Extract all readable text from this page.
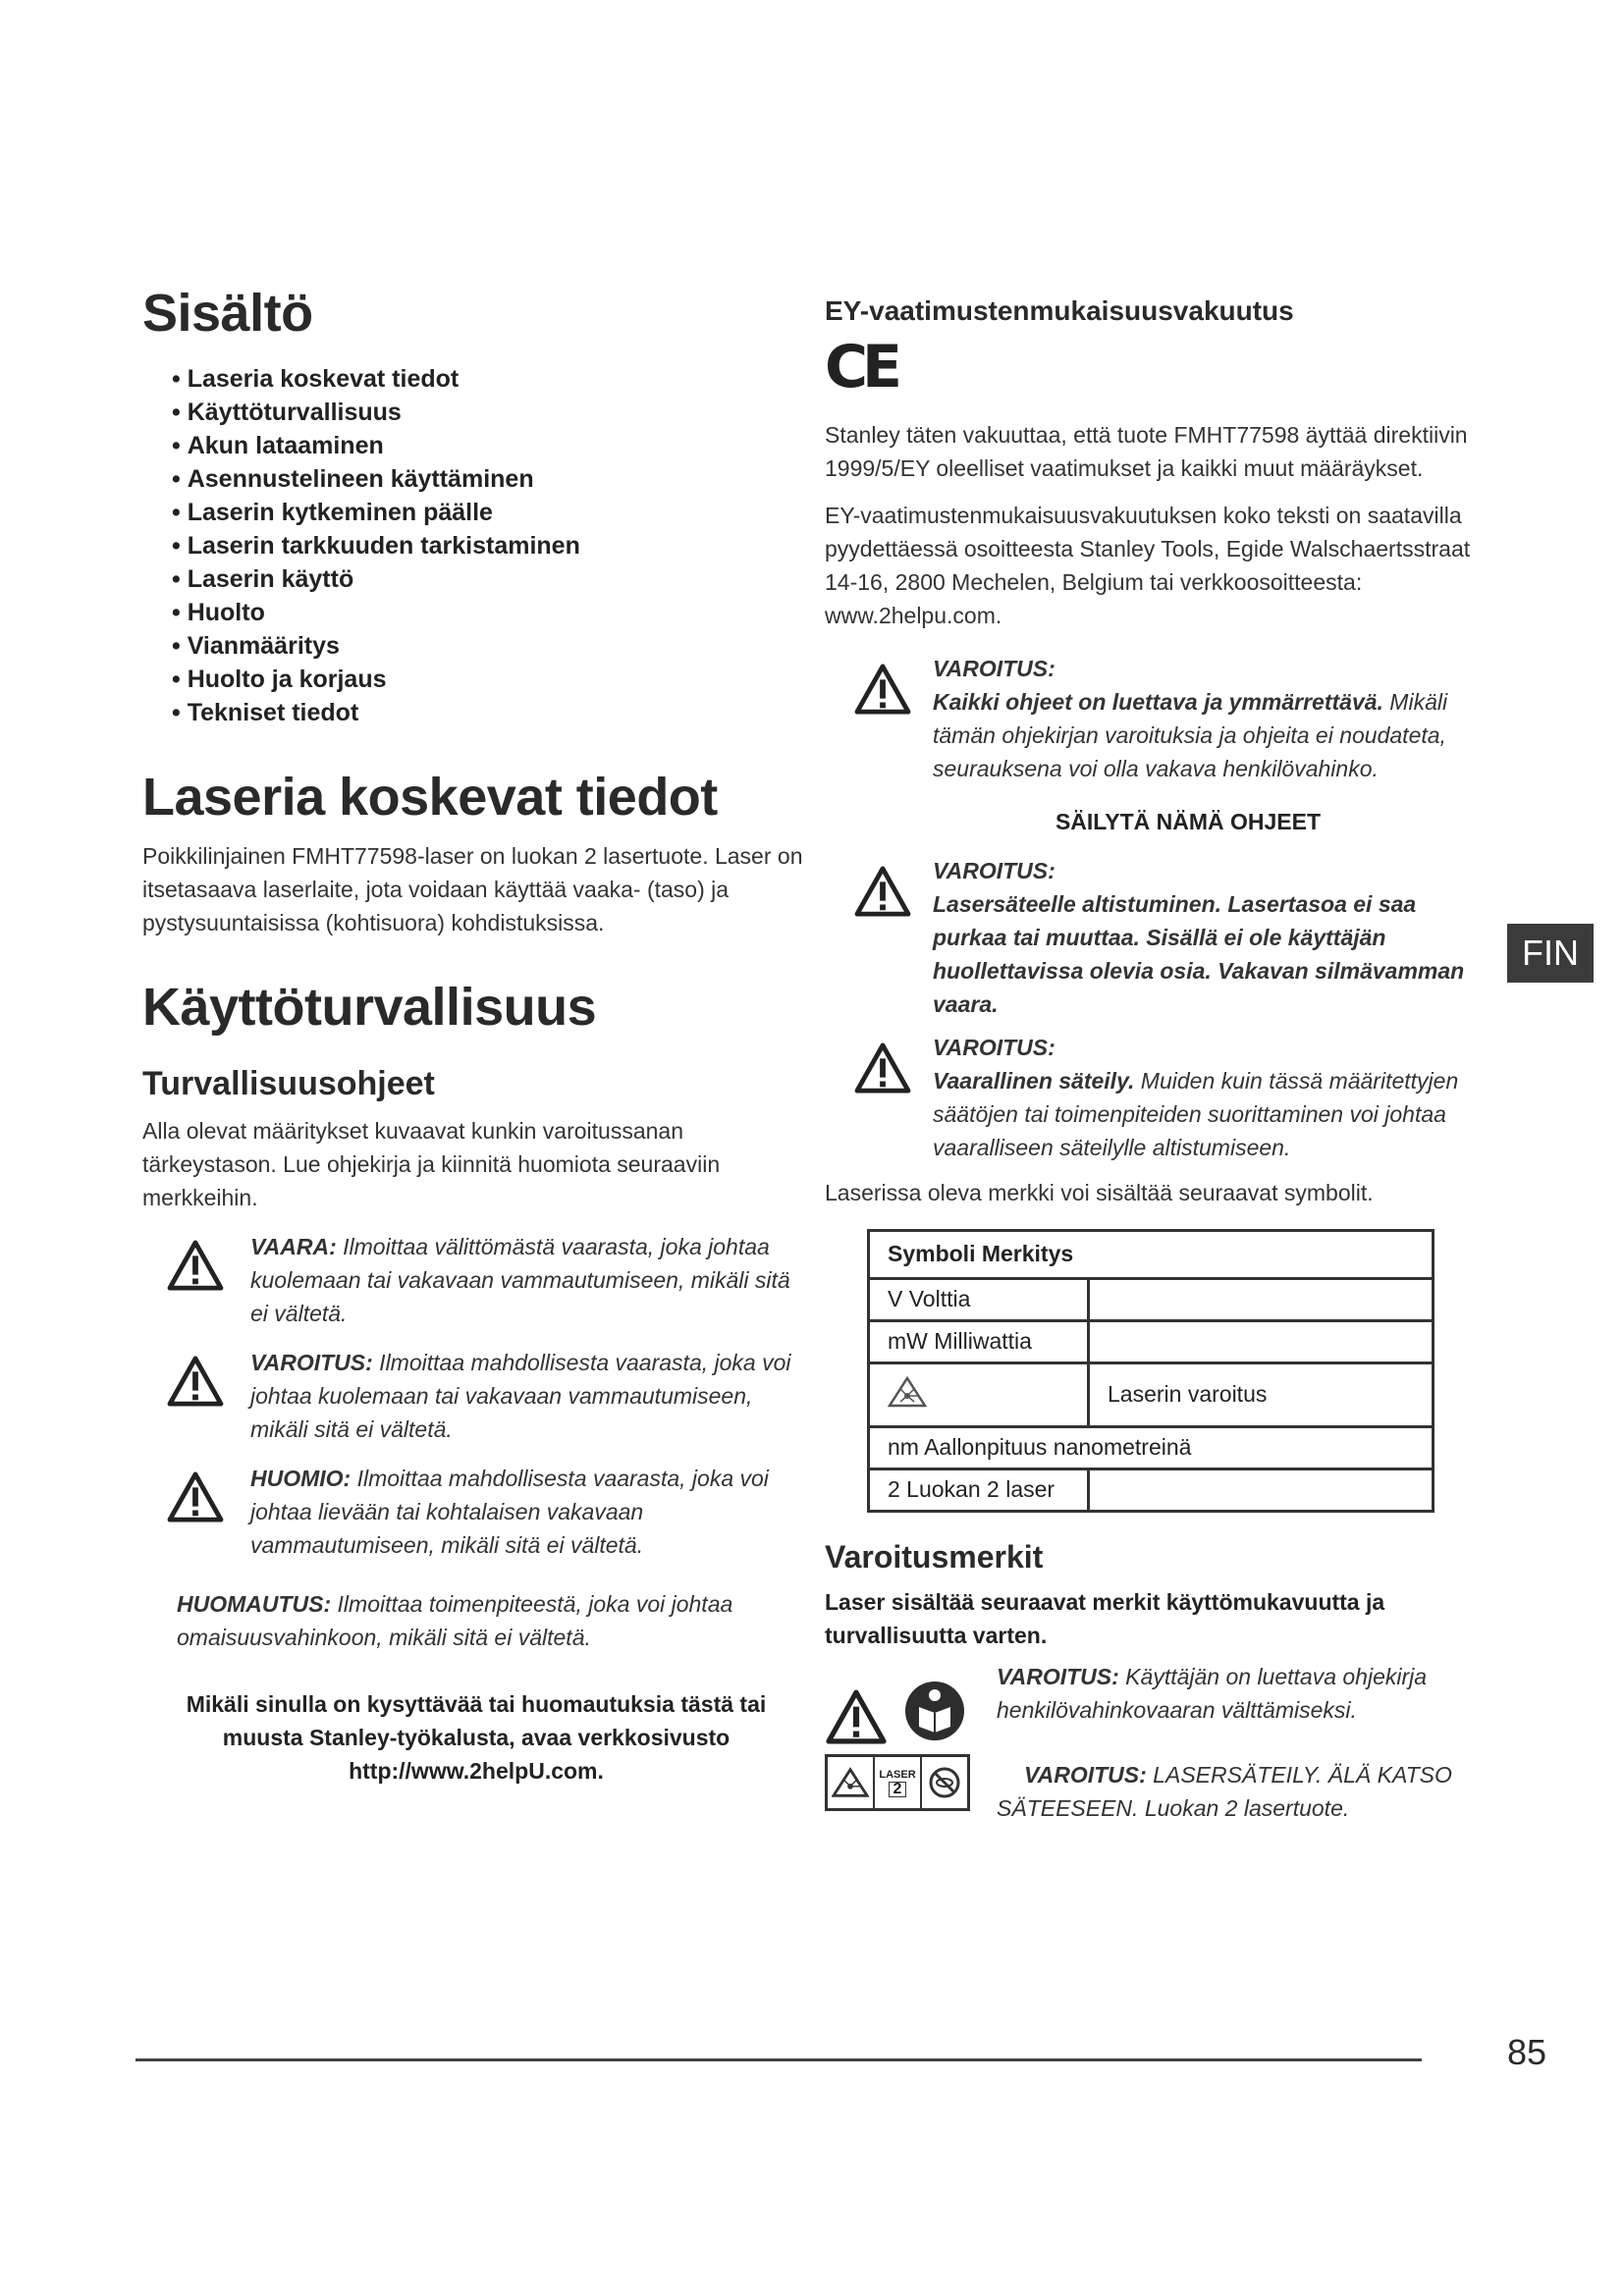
Sisältö
• Laseria koskevat tiedot
• Käyttöturvallisuus
• Akun lataaminen
• Asennustelineen käyttäminen
• Laserin kytkeminen päälle
• Laserin tarkkuuden tarkistaminen
• Laserin käyttö
• Huolto
• Vianmääritys
• Huolto ja korjaus
• Tekniset tiedot
Laseria koskevat tiedot

Poikkilinjainen FMHT77598-laser on luokan 2 lasertuote. Laser on itsetasaava laserlaite, jota voidaan käyttää vaaka- (taso) ja pystysuuntaisissa (kohtisuora) kohdistuksissa.

Käyttöturvallisuus
Turvallisuusohjeet

Alla olevat määritykset kuvaavat kunkin varoitussanan tärkeystason. Lue ohjekirja ja kiinnitä huomiota seuraaviin merkkeihin.

VAARA: Ilmoittaa välittömästä vaarasta, joka johtaa kuolemaan tai vakavaan vammautumiseen, mikäli sitä ei vältetä.

VAROITUS: Ilmoittaa mahdollisesta vaarasta, joka voi johtaa kuolemaan tai vakavaan vammautumiseen, mikäli sitä ei vältetä.

HUOMIO: Ilmoittaa mahdollisesta vaarasta, joka voi johtaa lievään tai kohtalaisen vakavaan vammautumiseen, mikäli sitä ei vältetä.

HUOMAUTUS: Ilmoittaa toimenpiteestä, joka voi johtaa omaisuusvahinkoon, mikäli sitä ei vältetä.

Mikäli sinulla on kysyttävää tai huomautuksia tästä tai muusta Stanley-työkalusta, avaa verkkosivusto http://www.2helpU.com.

EY-vaatimustenmukaisuusvakuutus
CE

Stanley täten vakuuttaa, että tuote FMHT77598 äyttää direktiivin 1999/5/EY oleelliset vaatimukset ja kaikki muut määräykset.

EY-vaatimustenmukaisuusvakuutuksen koko teksti on saatavilla pyydettäessä osoitteesta Stanley Tools, Egide Walschaertsstraat 14-16, 2800 Mechelen, Belgium tai verkkoosoitteesta: www.2helpu.com.

VAROITUS:
Kaikki ohjeet on luettava ja ymmärrettävä. Mikäli tämän ohjekirjan varoituksia ja ohjeita ei noudateta, seurauksena voi olla vakava henkilövahinko.

SÄILYTÄ NÄMÄ OHJEET

VAROITUS:
Lasersäteelle altistuminen. Lasertasoa ei saa purkaa tai muuttaa. Sisällä ei ole käyttäjän huollettavissa olevia osia. Vakavan silmävamman vaara.

VAROITUS:
Vaarallinen säteily. Muiden kuin tässä määritettyjen säätöjen tai toimenpiteiden suorittaminen voi johtaa vaaralliseen säteilylle altistumiseen.

Laserissa oleva merkki voi sisältää seuraavat symbolit.

Symboli Merkitys	
V Volttia	
mW Milliwattia	
	Laserin varoitus
nm Aallonpituus nanometreinä	
2 Luokan 2 laser	
Varoitusmerkit

Laser sisältää seuraavat merkit käyttömukavuutta ja turvallisuutta varten.

LASER
2

VAROITUS: Käyttäjän on luettava ohjekirja henkilövahinkovaaran välttämiseksi.

VAROITUS: LASERSÄTEILY. ÄLÄ KATSO SÄTEESEEN. Luokan 2 lasertuote.

FIN
85
